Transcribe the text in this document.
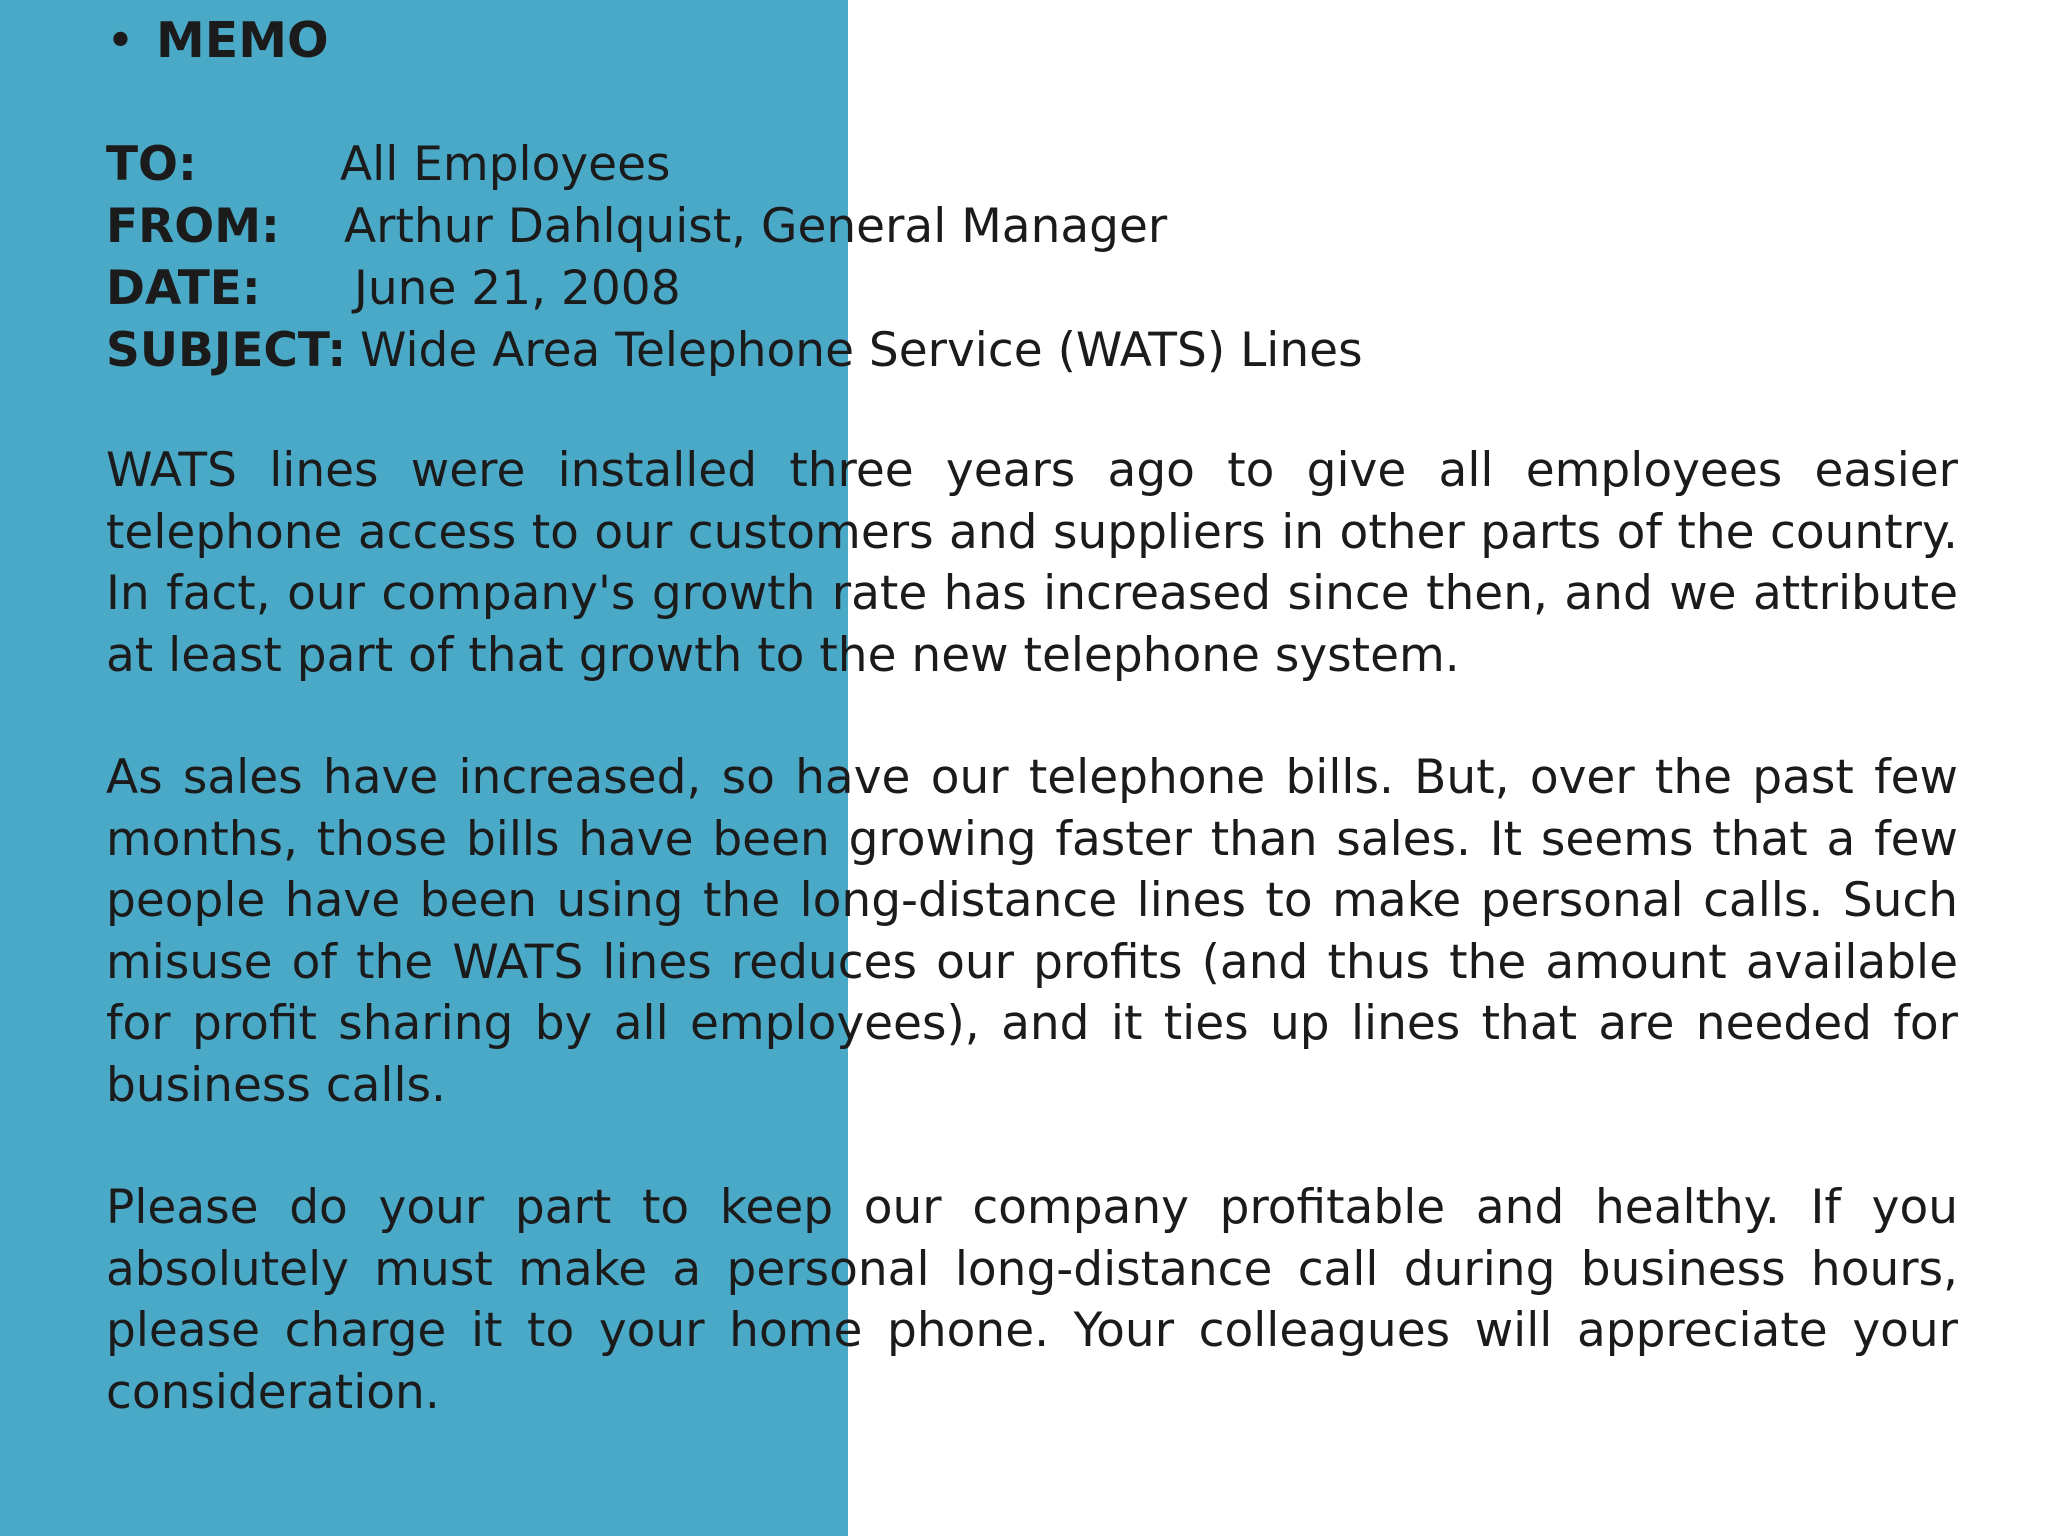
• MEMO
TO:	All Employees
FROM: Arthur Dahlquist, General Manager
DATE: June 21, 2008
SUBJECT: Wide Area Telephone Service (WATS) Lines

WATS lines were installed three years ago to give all employees easier telephone access to our customers and suppliers in other parts of the country. In fact, our company's growth rate has increased since then, and we attribute at least part of that growth to the new telephone system.

As sales have increased, so have our telephone bills. But, over the past few months, those bills have been growing faster than sales. It seems that a few people have been using the long-distance lines to make personal calls. Such misuse of the WATS lines reduces our profits (and thus the amount available for profit sharing by all employees), and it ties up lines that are needed for business calls.

Please do your part to keep our company profitable and healthy. If you absolutely must make a personal long-distance call during business hours, please charge it to your home phone. Your colleagues will appreciate your consideration.
